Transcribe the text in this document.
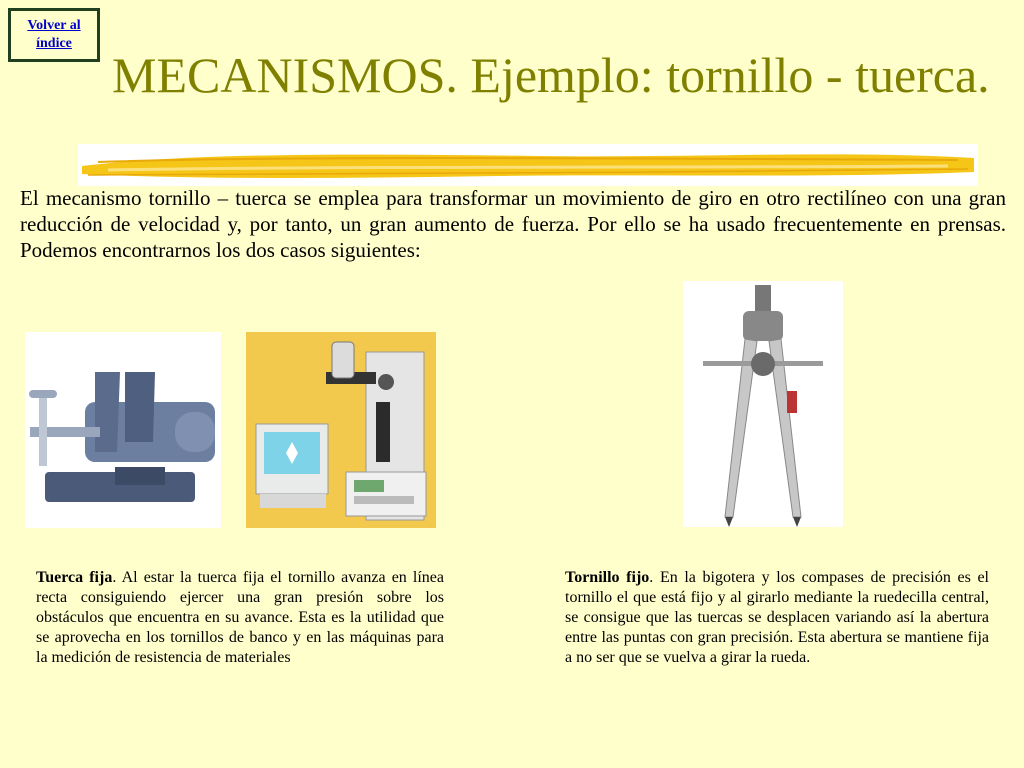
Volver al
índice
MECANISMOS. Ejemplo: tornillo - tuerca.

El mecanismo tornillo – tuerca se emplea para transformar un movimiento de giro en otro rectilíneo con una gran reducción de velocidad y, por tanto, un gran aumento de fuerza. Por ello se ha usado frecuentemente en prensas. Podemos encontrarnos los dos casos siguientes:

Tuerca fija. Al estar la tuerca fija el tornillo avanza en línea recta consiguiendo ejercer una gran presión sobre los obstáculos que encuentra en su avance. Esta es la utilidad que se aprovecha en los tornillos de banco y en las máquinas para la medición de resistencia de materiales

Tornillo fijo. En la bigotera y los compases de precisión es el tornillo el que está fijo y al girarlo mediante la ruedecilla central, se consigue que las tuercas se desplacen variando así la abertura entre las puntas con gran precisión. Esta abertura se mantiene fija a no ser que se vuelva a girar la rueda.
